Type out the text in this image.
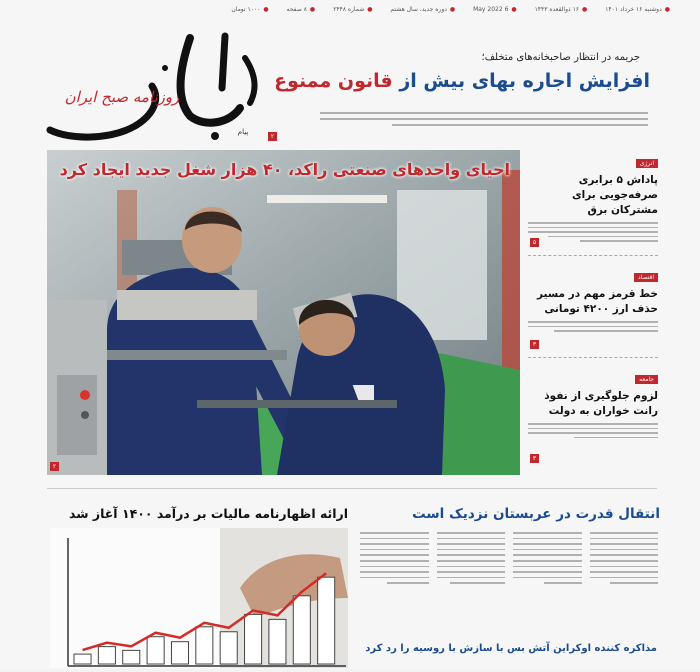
●دوشنبه ۱۶ خرداد ۱۴۰۱ ●۱۶ ذوالقعده ۱۴۴۳ ●6 May 2022 ●دوره جدید، سال هشتم ●شماره ۲۴۴۸ ●۸ صفحه ●۱۰۰۰ تومان
زمان
روزنامه صبح ایران
پیام
جریمه در انتظار صاحبخانه‌های متخلف؛
افزایش اجاره بهای بیش از قانون ممنوع
۲
احیای واحدهای صنعتی راکد، ۴۰ هزار شغل جدید ایجاد کرد
۲
انرژی
پاداش ۵ برابری صرفه‌جویی برای مشترکان برق
۵
اقتصاد
خط قرمز مهم در مسیر حذف ارز ۴۲۰۰ تومانی
۳
جامعه
لزوم جلوگیری از نفوذ رانت خواران به دولت
۳
انتقال قدرت در عربستان نزدیک است
ارائه اظهارنامه مالیات بر درآمد ۱۴۰۰ آغاز شد
مذاکره کننده اوکراین آتش بس با سازش با روسیه را رد کرد
